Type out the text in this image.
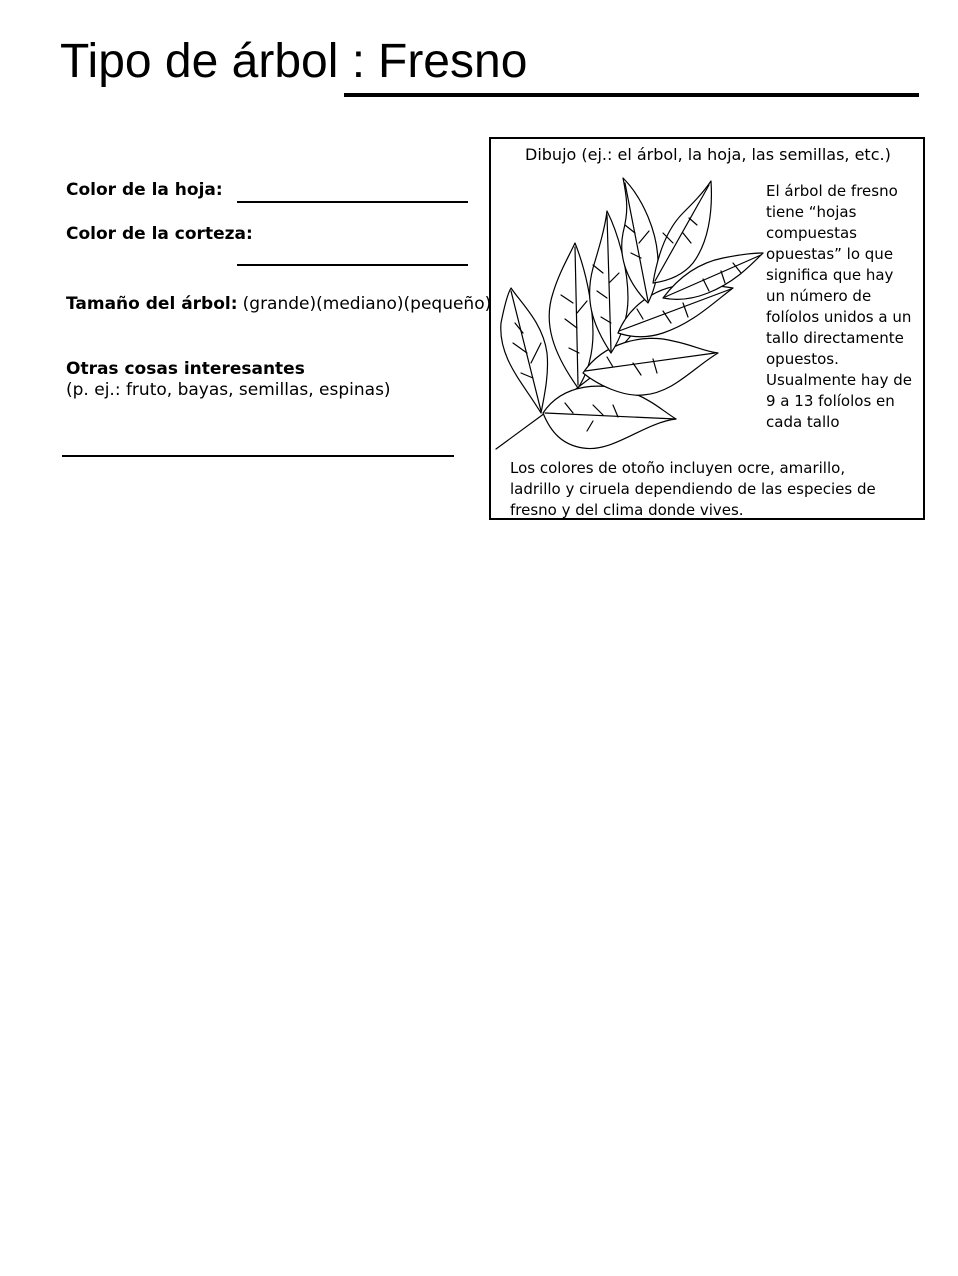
Tipo de árbol : Fresno
Color de la hoja:
Color de la corteza:
Tamaño del árbol: (grande)(mediano)(pequeño)
Otras cosas interesantes
(p. ej.: fruto, bayas, semillas, espinas)
Dibujo (ej.: el árbol, la hoja, las semillas, etc.)
El árbol de fresno
tiene “hojas
compuestas
opuestas” lo que
significa que hay
un número de
folíolos unidos a un
tallo directamente
opuestos.
Usualmente hay de
9 a 13 folíolos en
cada tallo
Los colores de otoño incluyen ocre, amarillo,
ladrillo y ciruela dependiendo de las especies de
fresno y del clima donde vives.
